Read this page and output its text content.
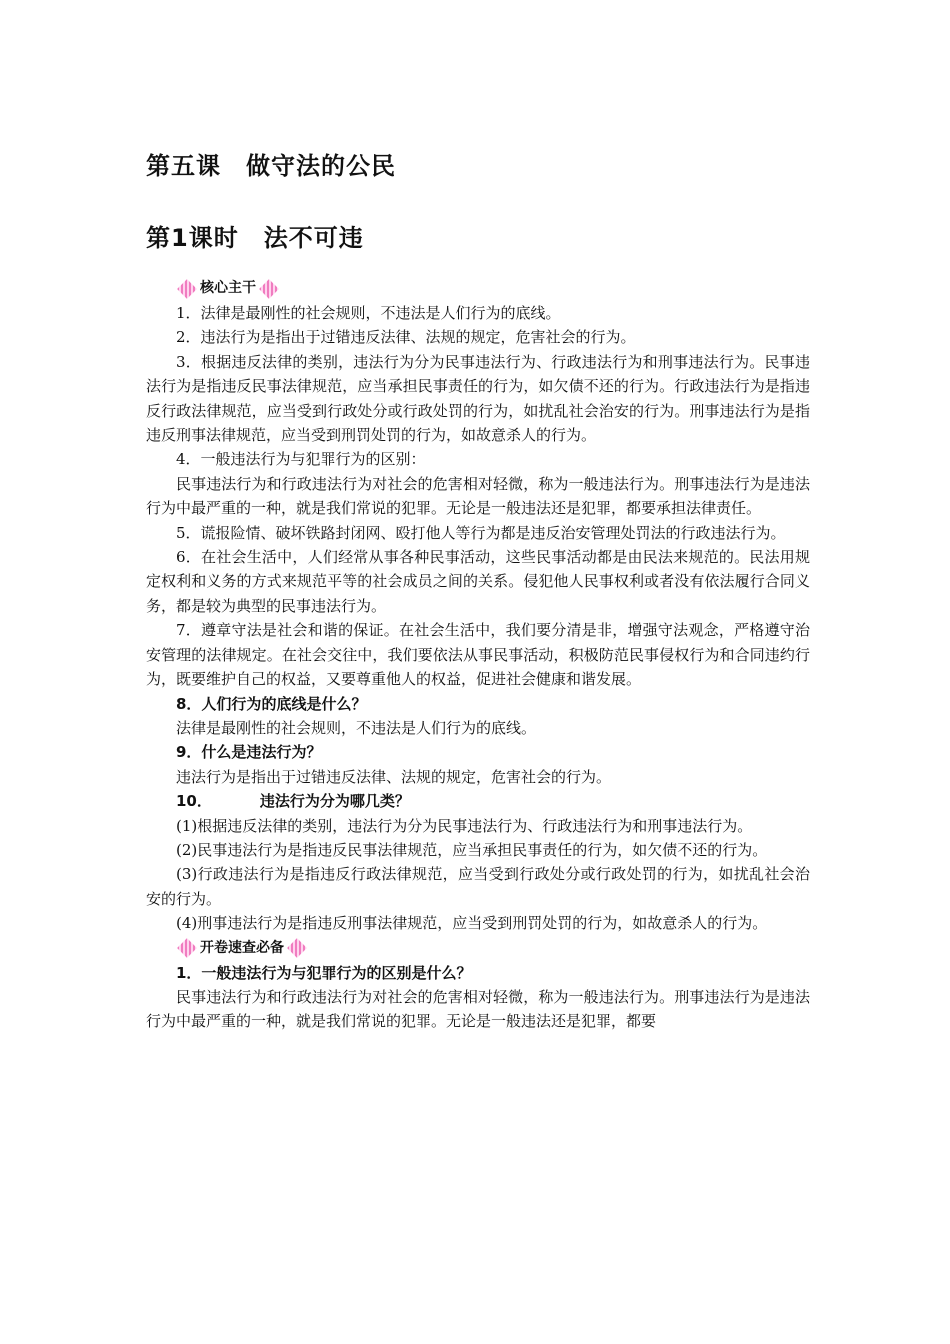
第五课　做守法的公民
第1课时　法不可违
核心主干

1．法律是最刚性的社会规则，不违法是人们行为的底线。

2．违法行为是指出于过错违反法律、法规的规定，危害社会的行为。

3．根据违反法律的类别，违法行为分为民事违法行为、行政违法行为和刑事违法行为。民事违法行为是指违反民事法律规范，应当承担民事责任的行为，如欠债不还的行为。行政违法行为是指违反行政法律规范，应当受到行政处分或行政处罚的行为，如扰乱社会治安的行为。刑事违法行为是指违反刑事法律规范，应当受到刑罚处罚的行为，如故意杀人的行为。

4．一般违法行为与犯罪行为的区别：

民事违法行为和行政违法行为对社会的危害相对轻微，称为一般违法行为。刑事违法行为是违法行为中最严重的一种，就是我们常说的犯罪。无论是一般违法还是犯罪，都要承担法律责任。

5．谎报险情、破坏铁路封闭网、殴打他人等行为都是违反治安管理处罚法的行政违法行为。

6．在社会生活中，人们经常从事各种民事活动，这些民事活动都是由民法来规范的。民法用规定权利和义务的方式来规范平等的社会成员之间的关系。侵犯他人民事权利或者没有依法履行合同义务，都是较为典型的民事违法行为。

7．遵章守法是社会和谐的保证。在社会生活中，我们要分清是非，增强守法观念，严格遵守治安管理的法律规定。在社会交往中，我们要依法从事民事活动，积极防范民事侵权行为和合同违约行为，既要维护自己的权益，又要尊重他人的权益，促进社会健康和谐发展。

8．人们行为的底线是什么？

法律是最刚性的社会规则，不违法是人们行为的底线。

9．什么是违法行为？

违法行为是指出于过错违反法律、法规的规定，危害社会的行为。

10．	违法行为分为哪几类？

(1)根据违反法律的类别，违法行为分为民事违法行为、行政违法行为和刑事违法行为。

(2)民事违法行为是指违反民事法律规范，应当承担民事责任的行为，如欠债不还的行为。

(3)行政违法行为是指违反行政法律规范，应当受到行政处分或行政处罚的行为，如扰乱社会治安的行为。

(4)刑事违法行为是指违反刑事法律规范，应当受到刑罚处罚的行为，如故意杀人的行为。

开卷速查必备

1．一般违法行为与犯罪行为的区别是什么？

民事违法行为和行政违法行为对社会的危害相对轻微，称为一般违法行为。刑事违法行为是违法行为中最严重的一种，就是我们常说的犯罪。无论是一般违法还是犯罪，都要
